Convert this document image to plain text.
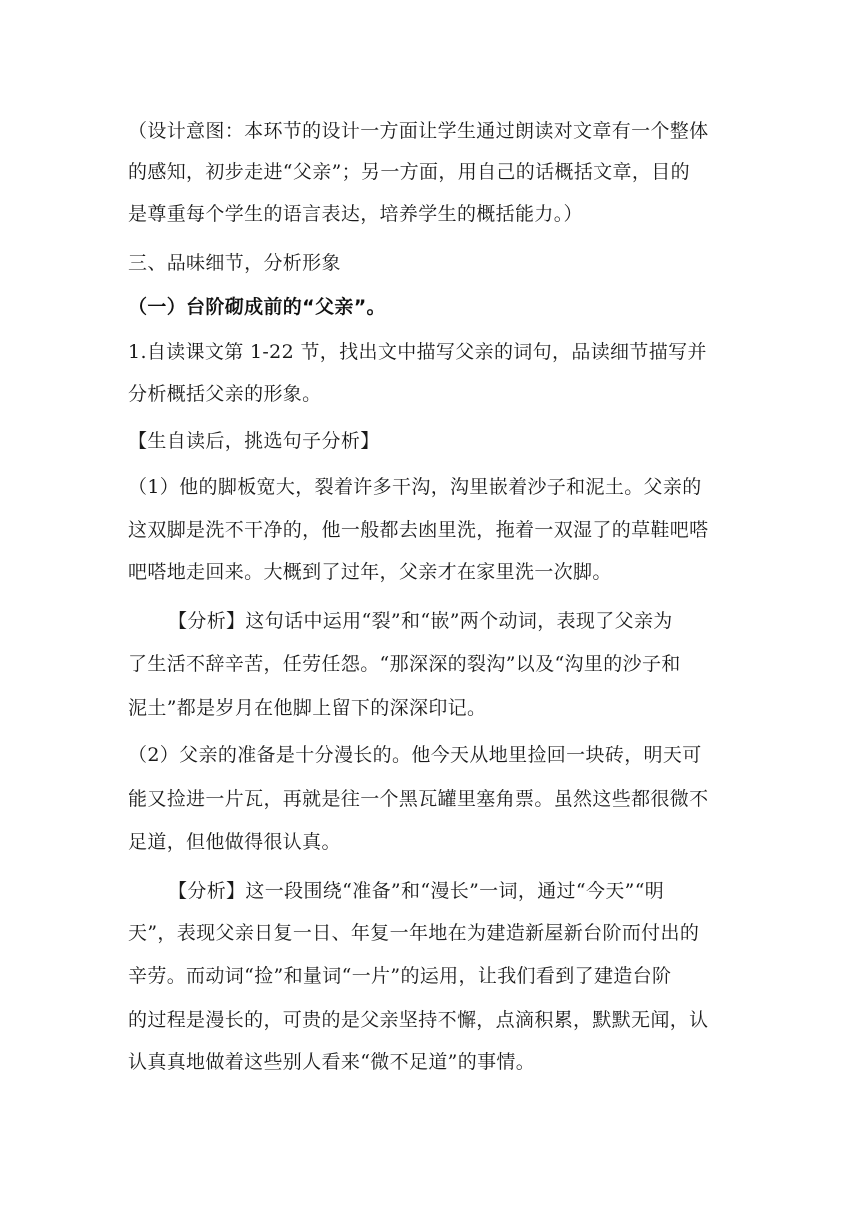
（设计意图：本环节的设计一方面让学生通过朗读对文章有一个整体
的感知，初步走进“父亲”；另一方面，用自己的话概括文章，目的
是尊重每个学生的语言表达，培养学生的概括能力。）
三、品味细节，分析形象
（一）台阶砌成前的“父亲”。
1.自读课文第 1-22 节，找出文中描写父亲的词句，品读细节描写并
分析概括父亲的形象。
【生自读后，挑选句子分析】
（1）他的脚板宽大，裂着许多干沟，沟里嵌着沙子和泥土。父亲的
这双脚是洗不干净的，他一般都去凼里洗，拖着一双湿了的草鞋吧嗒
吧嗒地走回来。大概到了过年，父亲才在家里洗一次脚。
【分析】这句话中运用“裂”和“嵌”两个动词，表现了父亲为
了生活不辞辛苦，任劳任怨。“那深深的裂沟”以及“沟里的沙子和
泥土”都是岁月在他脚上留下的深深印记。
（2）父亲的准备是十分漫长的。他今天从地里捡回一块砖，明天可
能又捡进一片瓦，再就是往一个黑瓦罐里塞角票。虽然这些都很微不
足道，但他做得很认真。
【分析】这一段围绕“准备”和“漫长”一词，通过“今天”“明
天”，表现父亲日复一日、年复一年地在为建造新屋新台阶而付出的
辛劳。而动词“捡”和量词“一片”的运用，让我们看到了建造台阶
的过程是漫长的，可贵的是父亲坚持不懈，点滴积累，默默无闻，认
认真真地做着这些别人看来“微不足道”的事情。
